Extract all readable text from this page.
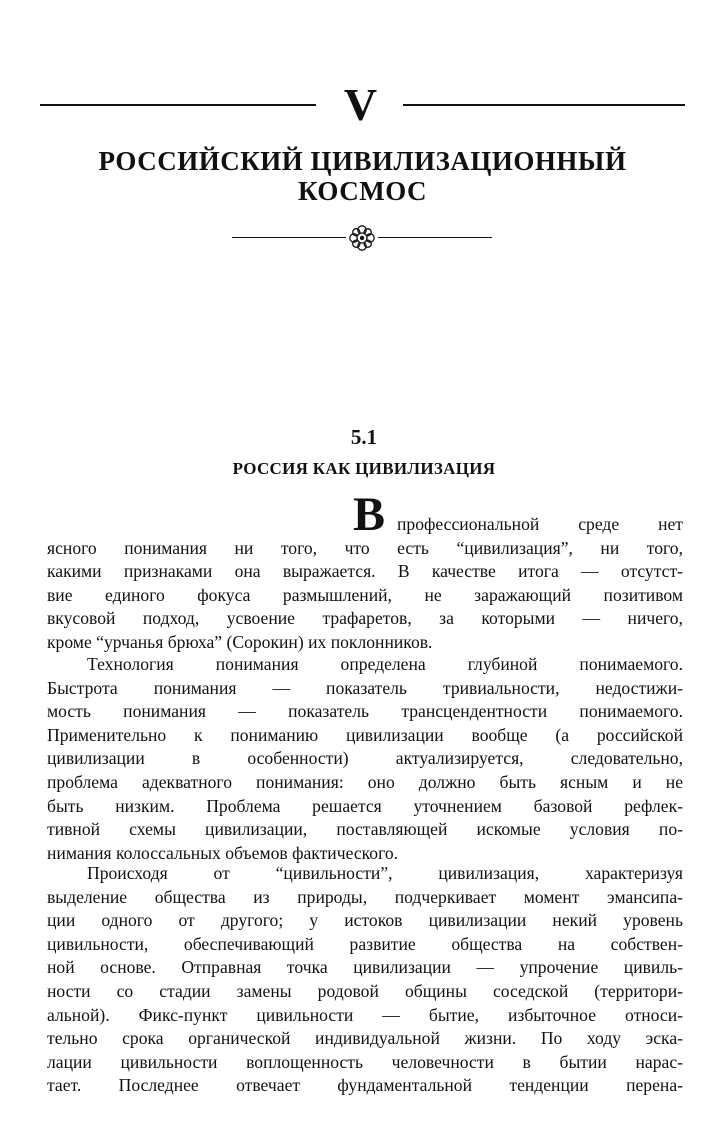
V
РОССИЙСКИЙ ЦИВИЛИЗАЦИОННЫЙ
КОСМОС
5.1
РОССИЯ КАК ЦИВИЛИЗАЦИЯ
В профессиональной среде нет
ясного понимания ни того, что есть “цивилизация”, ни того,
какими признаками она выражается. В качестве итога — отсутст-
вие единого фокуса размышлений, не заражающий позитивом
вкусовой подход, усвоение трафаретов, за которыми — ничего,
кроме “урчанья брюха” (Сорокин) их поклонников.
Технология понимания определена глубиной понимаемого.
Быстрота понимания — показатель тривиальности, недостижи-
мость понимания — показатель трансцендентности понимаемого.
Применительно к пониманию цивилизации вообще (а российской
цивилизации в особенности) актуализируется, следовательно,
проблема адекватного понимания: оно должно быть ясным и не
быть низким. Проблема решается уточнением базовой рефлек-
тивной схемы цивилизации, поставляющей искомые условия по-
нимания колоссальных объемов фактического.
Происходя от “цивильности”, цивилизация, характеризуя
выделение общества из природы, подчеркивает момент эмансипа-
ции одного от другого; у истоков цивилизации некий уровень
цивильности, обеспечивающий развитие общества на собствен-
ной основе. Отправная точка цивилизации — упрочение цивиль-
ности со стадии замены родовой общины соседской (территори-
альной). Фикс-пункт цивильности — бытие, избыточное относи-
тельно срока органической индивидуальной жизни. По ходу эска-
лации цивильности воплощенность человечности в бытии нарас-
тает. Последнее отвечает фундаментальной тенденции перена-
